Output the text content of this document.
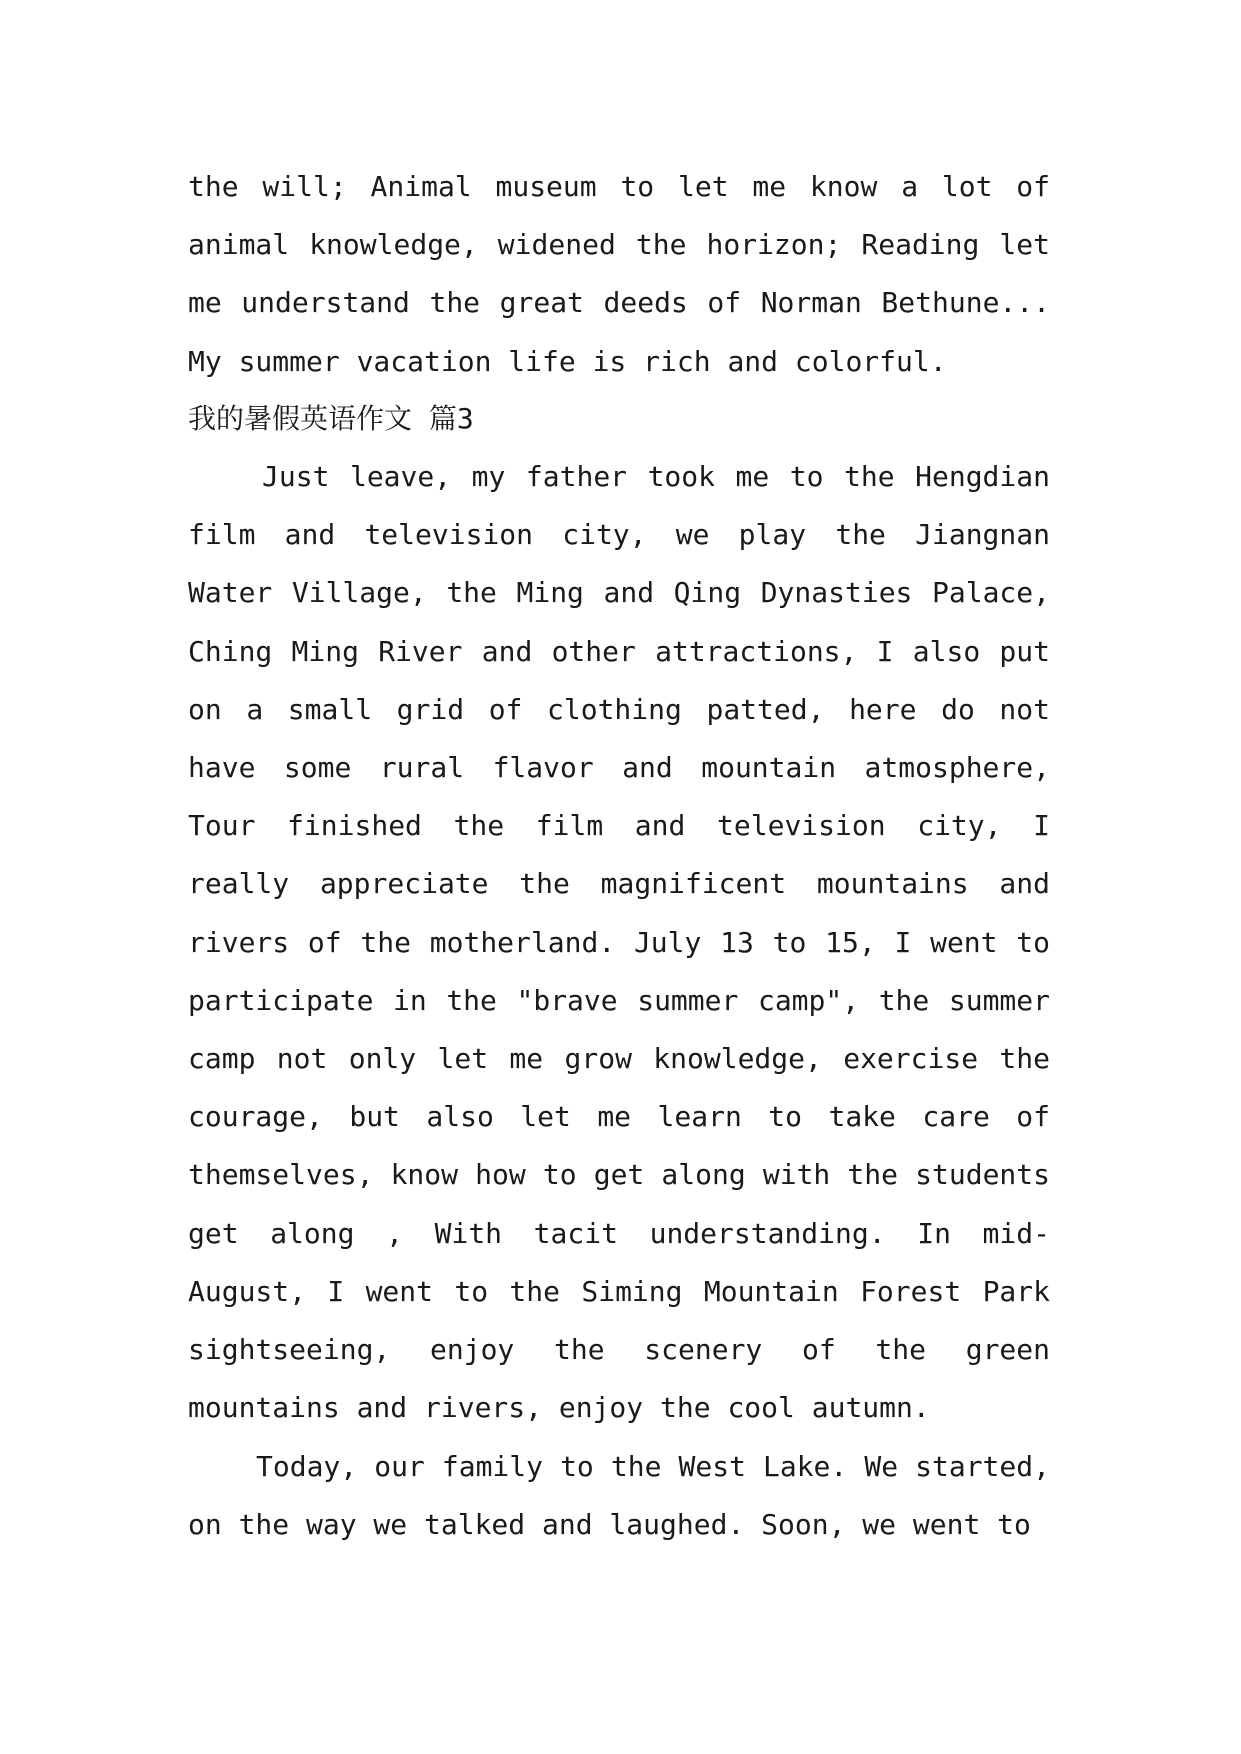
the will; Animal museum to let me know a lot of animal knowledge, widened the horizon; Reading let me understand the great deeds of Norman Bethune... My summer vacation life is rich and colorful.

我的暑假英语作文 篇3

Just leave, my father took me to the Hengdian film and television city, we play the Jiangnan Water Village, the Ming and Qing Dynasties Palace, Ching Ming River and other attractions, I also put on a small grid of clothing patted, here do not have some rural flavor and mountain atmosphere, Tour finished the film and television city, I really appreciate the magnificent mountains and rivers of the motherland. July 13 to 15, I went to participate in the "brave summer camp", the summer camp not only let me grow knowledge, exercise the courage, but also let me learn to take care of themselves, know how to get along with the students get along , With tacit understanding. In mid-August, I went to the Siming Mountain Forest Park sightseeing, enjoy the scenery of the green mountains and rivers, enjoy the cool autumn.

Today, our family to the West Lake. We started, on the way we talked and laughed. Soon, we went to
